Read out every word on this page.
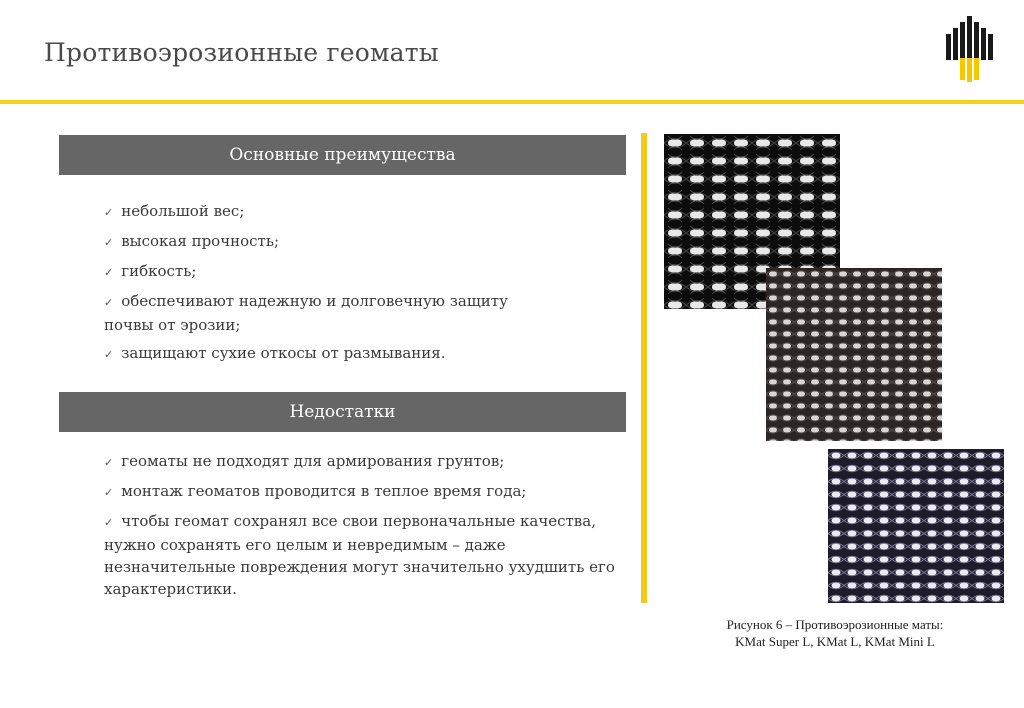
Противоэрозионные геоматы
Основные преимущества
✓ небольшой вес;
✓ высокая прочность;
✓ гибкость;
✓ обеспечивают надежную и долговечную защиту почвы от эрозии;
✓ защищают сухие откосы от размывания.
Недостатки
✓ геоматы не подходят для армирования грунтов;
✓ монтаж геоматов проводится в теплое время года;
✓ чтобы геомат сохранял все свои первоначальные качества, нужно сохранять его целым и невредимым – даже незначительные повреждения могут значительно ухудшить его характеристики.
Рисунок 6 – Противоэрозионные маты:
KMat Super L, KMat L, KMat Mini L
